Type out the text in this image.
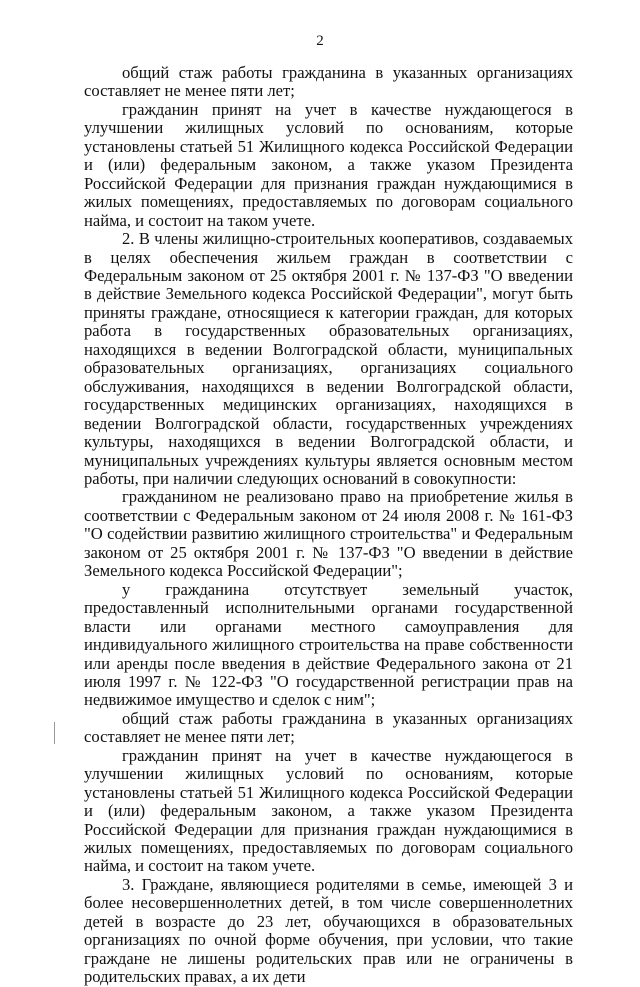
2

общий стаж работы гражданина в указанных организациях составляет не менее пяти лет;

гражданин принят на учет в качестве нуждающегося в улучшении жилищных условий по основаниям, которые установлены статьей 51 Жилищного кодекса Российской Федерации и (или) федеральным законом, а также указом Президента Российской Федерации для признания граждан нуждающимися в жилых помещениях, предоставляемых по договорам социального найма, и состоит на таком учете.

2. В члены жилищно-строительных кооперативов, создаваемых в целях обеспечения жильем граждан в соответствии с Федеральным законом от 25 октября 2001 г. № 137-ФЗ "О введении в действие Земельного кодекса Российской Федерации", могут быть приняты граждане, относящиеся к категории граждан, для которых работа в государственных образовательных организациях, находящихся в ведении Волгоградской области, муниципальных образовательных организациях, организациях социального обслуживания, находящихся в ведении Волгоградской области, государственных медицинских организациях, находящихся в ведении Волгоградской области, государственных учреждениях культуры, находящихся в ведении Волгоградской области, и муниципальных учреждениях культуры является основным местом работы, при наличии следующих оснований в совокупности:

гражданином не реализовано право на приобретение жилья в соответствии с Федеральным законом от 24 июля 2008 г. № 161-ФЗ "О содействии развитию жилищного строительства" и Федеральным законом от 25 октября 2001 г. № 137-ФЗ "О введении в действие Земельного кодекса Российской Федерации";

у гражданина отсутствует земельный участок, предоставленный исполнительными органами государственной власти или органами местного самоуправления для индивидуального жилищного строительства на праве собственности или аренды после введения в действие Федерального закона от 21 июля 1997 г. № 122-ФЗ "О государственной регистрации прав на недвижимое имущество и сделок с ним";

общий стаж работы гражданина в указанных организациях составляет не менее пяти лет;

гражданин принят на учет в качестве нуждающегося в улучшении жилищных условий по основаниям, которые установлены статьей 51 Жилищного кодекса Российской Федерации и (или) федеральным законом, а также указом Президента Российской Федерации для признания граждан нуждающимися в жилых помещениях, предоставляемых по договорам социального найма, и состоит на таком учете.

3. Граждане, являющиеся родителями в семье, имеющей 3 и более несовершеннолетних детей, в том числе совершеннолетних детей в возрасте до 23 лет, обучающихся в образовательных организациях по очной форме обучения, при условии, что такие граждане не лишены родительских прав или не ограничены в родительских правах, а их дети
